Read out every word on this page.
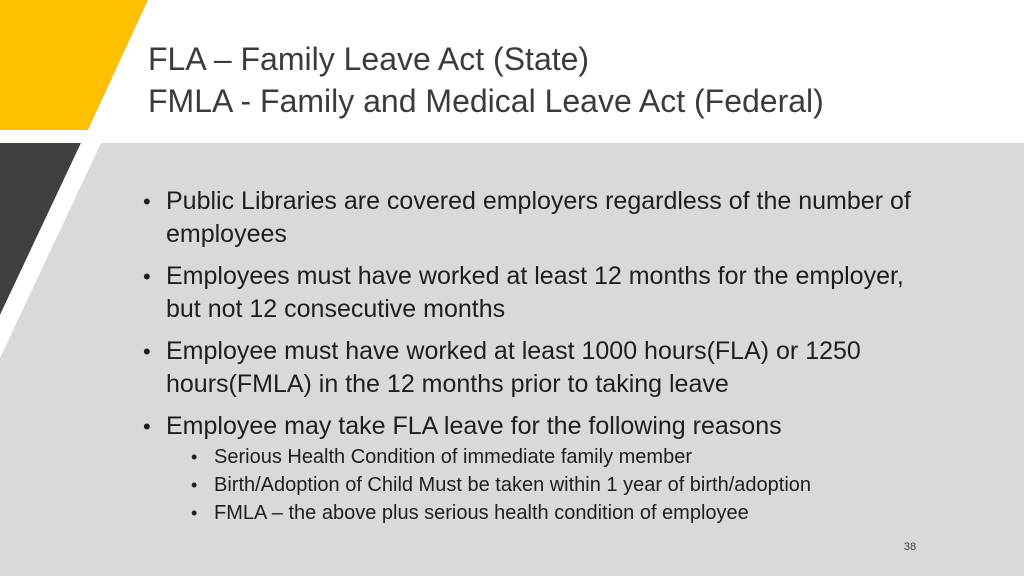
FLA – Family Leave Act (State)
FMLA - Family and Medical Leave Act (Federal)
• Public Libraries are covered employers regardless of the number of employees
• Employees must have worked at least 12 months for the employer, but not 12 consecutive months
• Employee must have worked at least 1000 hours(FLA) or 1250 hours(FMLA) in the 12 months prior to taking leave
• Employee may take FLA leave for the following reasons
• Serious Health Condition of immediate family member
• Birth/Adoption of Child Must be taken within 1 year of birth/adoption
• FMLA – the above plus serious health condition of employee
38
